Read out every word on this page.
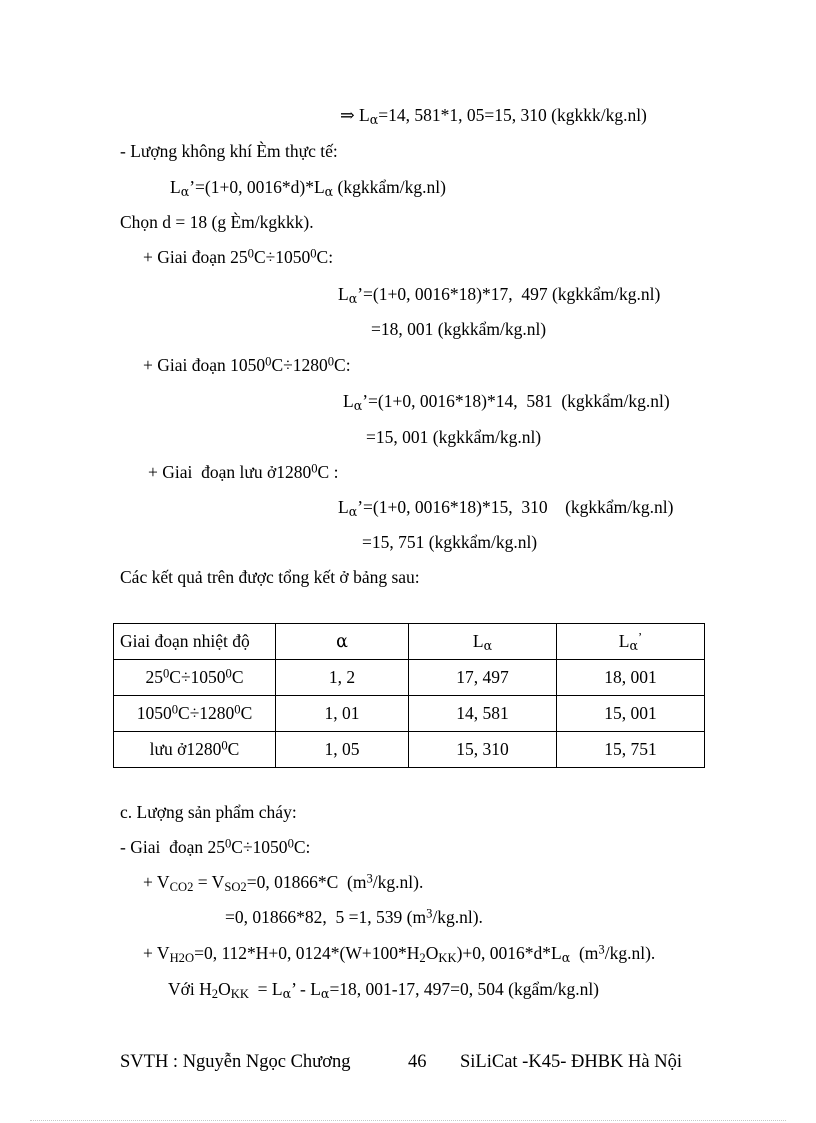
⇒ $L_\alpha=14$, 581*1, 05=15, 310 (kgkkk/kg.nl)
- Lượng không khí Èm thực tế:
$L_\alpha’=(1+0$, $0016*d)*L_\alpha$ (kgkkẩm/kg.nl)
Chọn d = 18 (g Èm/kgkkk).
+ Giai đoạn $25^0C\div 1050^0C$:
$L_\alpha’=(1+0$, 0016*18)*17,  497 (kgkkẩm/kg.nl)
=18, 001 (kgkkẩm/kg.nl)
+ Giai đoạn $1050^0C\div 1280^0C$:
$L_\alpha’=(1+0$, 0016*18)*14,  581  (kgkkẩm/kg.nl)
=15, 001 (kgkkẩm/kg.nl)
+ Giai  đoạn lưu ở1280$^0$C :
$L_\alpha’=(1+0$, 0016*18)*15,  310    (kgkkẩm/kg.nl)
=15, 751 (kgkkẩm/kg.nl)
Các kết quả trên được tổng kết ở bảng sau:
Giai đoạn nhiệt độ	α	$L_\alpha$	$L_\alpha^’$
$25^0C\div 1050^0C$	1, 2	17, 497	18, 001
$1050^0C\div 1280^0C$	1, 01	14, 581	15, 001
lưu ở1280$^0$C	1, 05	15, 310	15, 751
c. Lượng sản phẩm cháy:
- Giai  đoạn $25^0C\div 1050^0C$:
+ $V_{CO2} = V_{SO2}=0$, 01866*C  $(m^3/kg.nl)$.
=0, 01866*82,  5 =1, 539 $(m^3/kg.nl)$.
+ $V_{H2O}=0$, 112*H+0, $0124*(W+100*H_2O_{KK})+0$, $0016*d*L_\alpha$  $(m^3/kg.nl)$.
Với $H_2O_{KK} = L_\alpha$’ - $L_\alpha=18$, 001-17, 497=0, 504 (kgẩm/kg.nl)
SVTH : Nguyễn Ngọc Chương	46 SiLiCat -K45- ĐHBK Hà Nội
